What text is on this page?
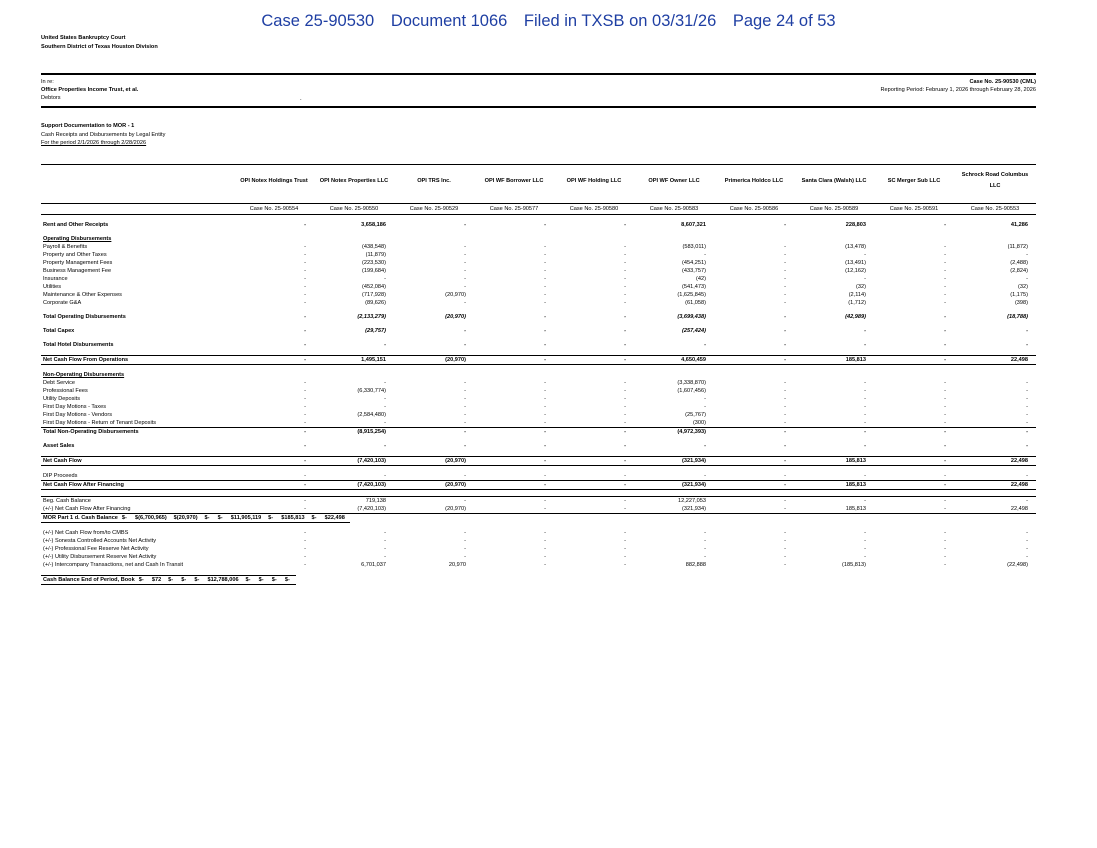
Case 25-90530 Document 1066 Filed in TXSB on 03/31/26 Page 24 of 53
United States Bankruptcy Court
Southern District of Texas Houston Division
In re:
Office Properties Income Trust, et al.
Debtors	.
Case No. 25-90530 (CML)
Reporting Period: February 1, 2026 through February 28, 2026
Support Documentation to MOR - 1
Cash Receipts and Disbursements by Legal Entity
For the period 2/1/2026 through 2/28/2026
	OPI Notex Holdings Trust	OPI Notex Properties LLC	OPI TRS Inc.	OPI WF Borrower LLC	OPI WF Holding LLC	OPI WF Owner LLC	Primerica Holdco LLC	Santa Clara (Walsh) LLC	SC Merger Sub LLC	Schrock Road Columbus LLC

	Case No. 25-90554	Case No. 25-90550	Case No. 25-90529	Case No. 25-90577	Case No. 25-90580	Case No. 25-90583	Case No. 25-90586	Case No. 25-90589	Case No. 25-90591	Case No. 25-90553

Rent and Other Receipts	-	3,658,186	-	-	-	8,607,321	-	228,803	-	41,286

Operating Disbursements										
Payroll & Benefits	-	(438,548)	-	-	-	(583,011)	-	(13,478)	-	(11,872)
Property and Other Taxes	-	(11,879)	-	-	-	-	-	-	-	-
Property Management Fees	-	(223,530)	-	-	-	(454,251)	-	(13,491)	-	(2,488)
Business Management Fee	-	(199,684)	-	-	-	(433,757)	-	(12,162)	-	(2,824)
Insurance	-	-	-	-	-	(42)	-	-	-	-
Utilities	-	(452,084)	-	-	-	(541,473)	-	(32)	-	(32)
Maintenance & Other Expenses	-	(717,928)	(20,970)	-	-	(1,625,845)	-	(2,114)	-	(1,175)
Corporate G&A	-	(89,626)	-	-	-	(61,058)	-	(1,712)	-	(398)

Total Operating Disbursements	-	(2,133,279)	(20,970)	-	-	(3,699,438)	-	(42,989)	-	(18,788)

Total Capex	-	(29,757)	-	-	-	(257,424)	-	-	-	-

Total Hotel Disbursements	-	-	-	-	-	-	-	-	-	-

Net Cash Flow From Operations	-	1,495,151	(20,970)	-	-	4,650,459	-	185,813	-	22,498

Non-Operating Disbursements										
Debt Service	-	-	-	-	-	(3,338,870)	-	-	-	-
Professional Fees	-	(6,330,774)	-	-	-	(1,607,456)	-	-	-	-
Utility Deposits	-	-	-	-	-	-	-	-	-	-
First Day Motions - Taxes	-	-	-	-	-	-	-	-	-	-
First Day Motions - Vendors	-	(2,584,480)	-	-	-	(25,767)	-	-	-	-
First Day Motions - Return of Tenant Deposits	-	-	-	-	-	(300)	-	-	-	-
Total Non-Operating Disbursements	-	(8,915,254)	-	-	-	(4,972,393)	-	-	-	-

Asset Sales	-	-	-	-	-	-	-	-	-	-

Net Cash Flow	-	(7,420,103)	(20,970)	-	-	(321,934)	-	185,813	-	22,498

DIP Proceeds	-	-	-	-	-	-	-	-	-	-
Net Cash Flow After Financing	-	(7,420,103)	(20,970)	-	-	(321,934)	-	185,813	-	22,498

Beg. Cash Balance	-	719,138	-	-	-	12,227,053	-	-	-	-
(+/-) Net Cash Flow After Financing	-	(7,420,103)	(20,970)	-	-	(321,934)	-	185,813	-	22,498

MOR Part 1 d. Cash Balance	$ -	$ (6,700,965)	$ (20,970)	$ -	$ -	$ 11,905,119	$ -	$ 185,813	$ -	$ 22,498

(+/-) Net Cash Flow from/to CMBS	-	-	-	-	-	-	-	-	-	-
(+/-) Sonesta Controlled Accounts Net Activity	-	-	-	-	-	-	-	-	-	-
(+/-) Professional Fee Reserve Net Activity	-	-	-	-	-	-	-	-	-	-
(+/-) Utility Disbursement Reserve Net Activity	-	-	-	-	-	-	-	-	-	-
(+/-) Intercompany Transactions, net and Cash In Transit	-	6,701,037	20,970	-	-	882,888	-	(185,813)	-	(22,498)

Cash Balance End of Period, Book	$ -	$ 72	$ -	$ -	$ -	$ 12,788,006	$ -	$ -	$ -	$ -
